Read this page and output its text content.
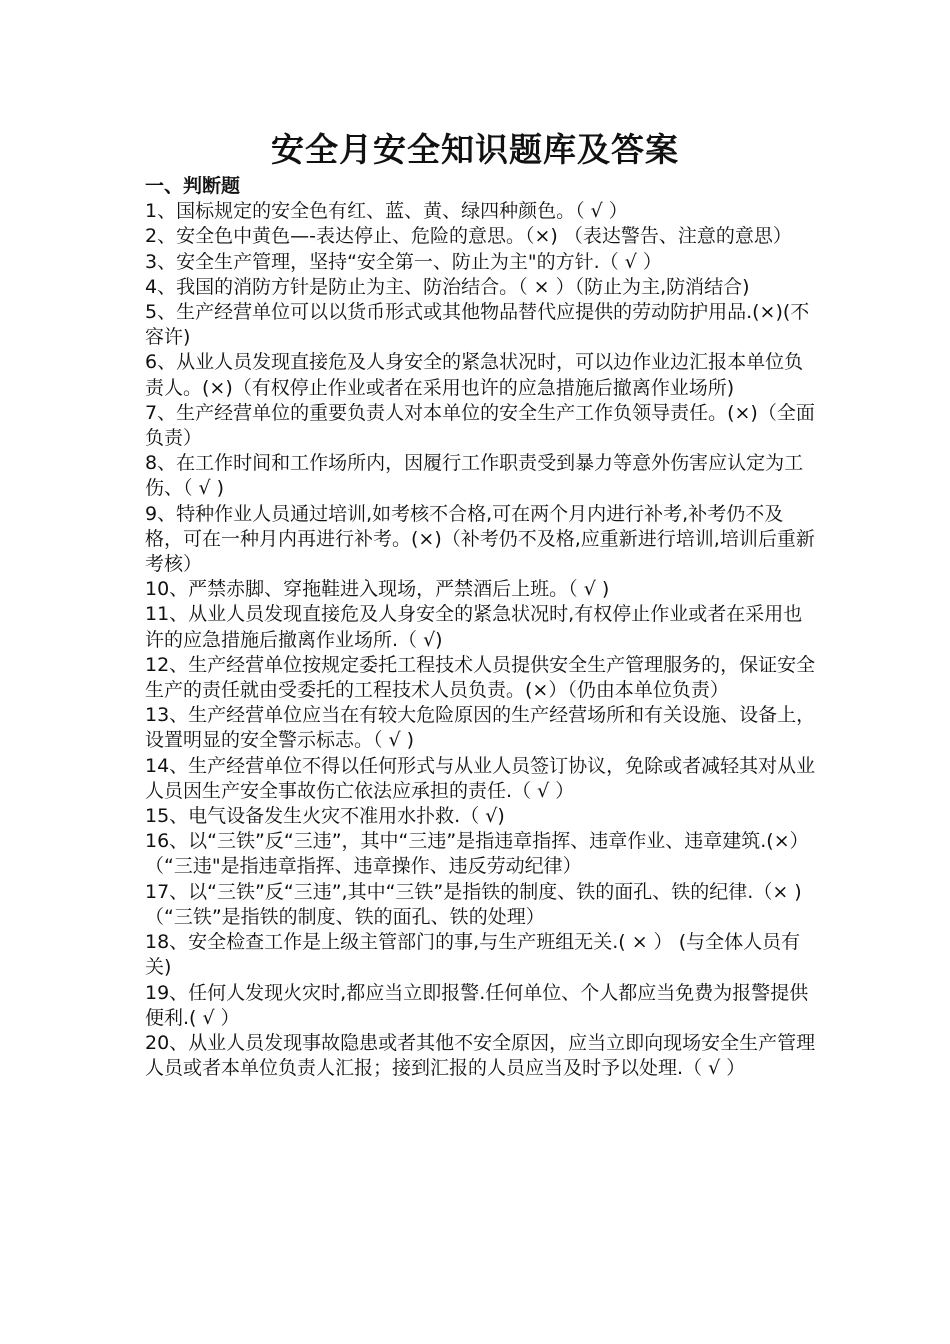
安全月安全知识题库及答案

一、判断题

1、国标规定的安全色有红、蓝、黄、绿四种颜色。（ √ ）
2、安全色中黄色—-表达停止、危险的意思。（×) （表达警告、注意的意思）
3、安全生产管理，坚持“安全第一、防止为主"的方针.（ √ ）
4、我国的消防方针是防止为主、防治结合。（ × ）（防止为主,防消结合)
5、生产经营单位可以以货币形式或其他物品替代应提供的劳动防护用品.(×)(不容许)
6、从业人员发现直接危及人身安全的紧急状况时，可以边作业边汇报本单位负责人。(×)（有权停止作业或者在采用也许的应急措施后撤离作业场所)
7、生产经营单位的重要负责人对本单位的安全生产工作负领导责任。(×)（全面负责）
8、在工作时间和工作场所内，因履行工作职责受到暴力等意外伤害应认定为工伤、（ √ )
9、特种作业人员通过培训,如考核不合格,可在两个月内进行补考,补考仍不及格，可在一种月内再进行补考。(×)（补考仍不及格,应重新进行培训,培训后重新考核）
10、严禁赤脚、穿拖鞋进入现场，严禁酒后上班。（ √ )
11、从业人员发现直接危及人身安全的紧急状况时,有权停止作业或者在采用也许的应急措施后撤离作业场所.（ √)
12、生产经营单位按规定委托工程技术人员提供安全生产管理服务的，保证安全生产的责任就由受委托的工程技术人员负责。(×）（仍由本单位负责）
13、生产经营单位应当在有较大危险原因的生产经营场所和有关设施、设备上，设置明显的安全警示标志。（ √ )
14、生产经营单位不得以任何形式与从业人员签订协议，免除或者减轻其对从业人员因生产安全事故伤亡依法应承担的责任.（ √ ）
15、电气设备发生火灾不准用水扑救.（ √)
16、以“三铁”反“三违”，其中“三违”是指违章指挥、违章作业、违章建筑.(×）（“三违"是指违章指挥、违章操作、违反劳动纪律）
17、以“三铁”反“三违”,其中“三铁”是指铁的制度、铁的面孔、铁的纪律.（× )（“三铁”是指铁的制度、铁的面孔、铁的处理）
18、安全检查工作是上级主管部门的事,与生产班组无关.( × ） (与全体人员有关)
19、任何人发现火灾时,都应当立即报警.任何单位、个人都应当免费为报警提供便利.( √ ）
20、从业人员发现事故隐患或者其他不安全原因，应当立即向现场安全生产管理人员或者本单位负责人汇报；接到汇报的人员应当及时予以处理.（ √ ）
